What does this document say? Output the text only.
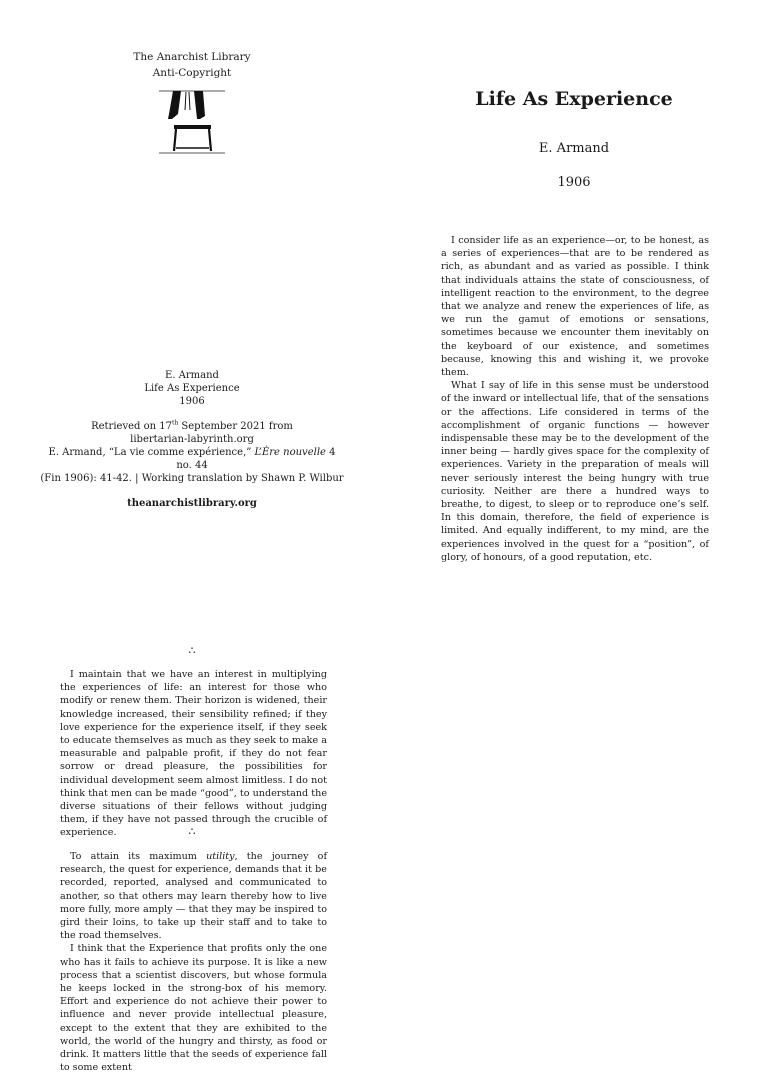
The Anarchist Library
Anti-Copyright
E. Armand
Life As Experience
1906
Retrieved on 17th September 2021 from
libertarian-labyrinth.org
E. Armand, “La vie comme expérience,” L’Ère nouvelle 4 no. 44
(Fin 1906): 41-42. | Working translation by Shawn P. Wilbur
theanarchistlibrary.org
∴

I maintain that we have an interest in multiplying the experiences of life: an interest for those who modify or renew them. Their horizon is widened, their knowledge increased, their sensibility refined; if they love experience for the experience itself, if they seek to educate themselves as much as they seek to make a measurable and palpable profit, if they do not fear sorrow or dread pleasure, the possibilities for individual development seem almost limitless. I do not think that men can be made “good”, to understand the diverse situations of their fellows without judging them, if they have not passed through the crucible of experience.	∴

To attain its maximum utility, the journey of research, the quest for experience, demands that it be recorded, reported, analysed and communicated to another, so that others may learn thereby how to live more fully, more amply — that they may be inspired to gird their loins, to take up their staff and to take to the road themselves.

I think that the Experience that profits only the one who has it fails to achieve its purpose. It is like a new process that a scientist discovers, but whose formula he keeps locked in the strong-box of his memory. Effort and experience do not achieve their power to influence and never provide intellectual pleasure, except to the extent that they are exhibited to the world, the world of the hungry and thirsty, as food or drink. It matters little that the seeds of experience fall to some extent

Life As Experience
E. Armand
1906

I consider life as an experience—or, to be honest, as a series of experiences—that are to be rendered as rich, as abundant and as varied as possible. I think that individuals attains the state of consciousness, of intelligent reaction to the environment, to the degree that we analyze and renew the experiences of life, as we run the gamut of emotions or sensations, sometimes because we encounter them inevitably on the keyboard of our existence, and sometimes because, knowing this and wishing it, we provoke them.

What I say of life in this sense must be understood of the inward or intellectual life, that of the sensations or the affections. Life considered in terms of the accomplishment of organic functions — however indispensable these may be to the development of the inner being — hardly gives space for the complexity of experiences. Variety in the preparation of meals will never seriously interest the being hungry with true curiosity. Neither are there a hundred ways to breathe, to digest, to sleep or to reproduce one’s self. In this domain, therefore, the field of experience is limited. And equally indifferent, to my mind, are the experiences involved in the quest for a “position”, of glory, of honours, of a good reputation, etc.
